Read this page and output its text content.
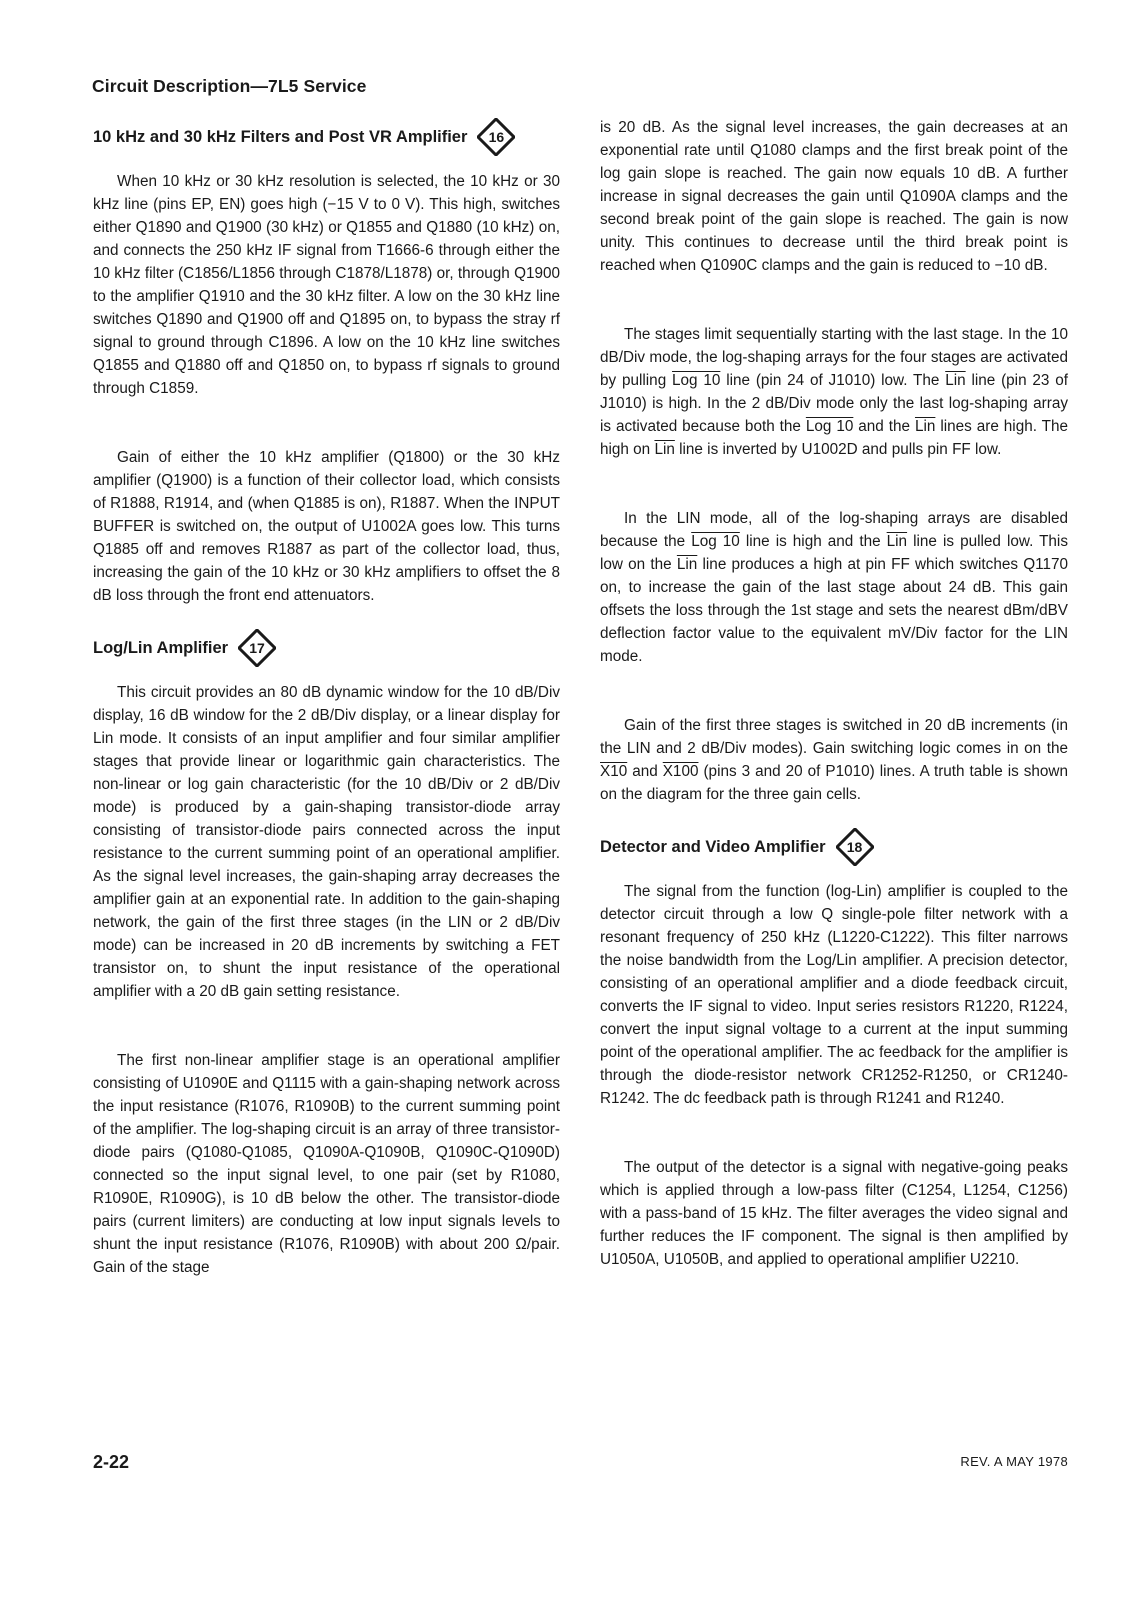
Circuit Description—7L5 Service
10 kHz and 30 kHz Filters and Post VR Amplifier	16

When 10 kHz or 30 kHz resolution is selected, the 10 kHz or 30 kHz line (pins EP, EN) goes high (−15 V to 0 V). This high, switches either Q1890 and Q1900 (30 kHz) or Q1855 and Q1880 (10 kHz) on, and connects the 250 kHz IF signal from T1666-6 through either the 10 kHz filter (C1856/L1856 through C1878/L1878) or, through Q1900 to the amplifier Q1910 and the 30 kHz filter. A low on the 30 kHz line switches Q1890 and Q1900 off and Q1895 on, to bypass the stray rf signal to ground through C1896. A low on the 10 kHz line switches Q1855 and Q1880 off and Q1850 on, to bypass rf signals to ground through C1859.

Gain of either the 10 kHz amplifier (Q1800) or the 30 kHz amplifier (Q1900) is a function of their collector load, which consists of R1888, R1914, and (when Q1885 is on), R1887. When the INPUT BUFFER is switched on, the output of U1002A goes low. This turns Q1885 off and removes R1887 as part of the collector load, thus, increasing the gain of the 10 kHz or 30 kHz amplifiers to offset the 8 dB loss through the front end attenuators.

Log/Lin Amplifier	17

This circuit provides an 80 dB dynamic window for the 10 dB/Div display, 16 dB window for the 2 dB/Div display, or a linear display for Lin mode. It consists of an input amplifier and four similar amplifier stages that provide linear or logarithmic gain characteristics. The non-linear or log gain characteristic (for the 10 dB/Div or 2 dB/Div mode) is produced by a gain-shaping transistor-diode array consisting of transistor-diode pairs connected across the input resistance to the current summing point of an operational amplifier. As the signal level increases, the gain-shaping array decreases the amplifier gain at an exponential rate. In addition to the gain-shaping network, the gain of the first three stages (in the LIN or 2 dB/Div mode) can be increased in 20 dB increments by switching a FET transistor on, to shunt the input resistance of the operational amplifier with a 20 dB gain setting resistance.

The first non-linear amplifier stage is an operational amplifier consisting of U1090E and Q1115 with a gain-shaping network across the input resistance (R1076, R1090B) to the current summing point of the amplifier. The log-shaping circuit is an array of three transistor-diode pairs (Q1080-Q1085, Q1090A-Q1090B, Q1090C-Q1090D) connected so the input signal level, to one pair (set by R1080, R1090E, R1090G), is 10 dB below the other. The transistor-diode pairs (current limiters) are conducting at low input signals levels to shunt the input resistance (R1076, R1090B) with about 200 Ω/pair. Gain of the stage

is 20 dB. As the signal level increases, the gain decreases at an exponential rate until Q1080 clamps and the first break point of the log gain slope is reached. The gain now equals 10 dB. A further increase in signal decreases the gain until Q1090A clamps and the second break point of the gain slope is reached. The gain is now unity. This continues to decrease until the third break point is reached when Q1090C clamps and the gain is reduced to −10 dB.

The stages limit sequentially starting with the last stage. In the 10 dB/Div mode, the log-shaping arrays for the four stages are activated by pulling Log 10 line (pin 24 of J1010) low. The $\overline{Lin}$ line (pin 23 of J1010) is high. In the 2 dB/Div mode only the last log-shaping array is activated because both the Log 10 and the $\overline{Lin}$ lines are high. The high on $\overline{Lin}$ line is inverted by U1002D and pulls pin FF low.

In the LIN mode, all of the log-shaping arrays are disabled because the Log 10 line is high and the $\overline{Lin}$ line is pulled low. This low on the $\overline{Lin}$ line produces a high at pin FF which switches Q1170 on, to increase the gain of the last stage about 24 dB. This gain offsets the loss through the 1st stage and sets the nearest dBm/dBV deflection factor value to the equivalent mV/Div factor for the LIN mode.

Gain of the first three stages is switched in 20 dB increments (in the LIN and 2 dB/Div modes). Gain switching logic comes in on the X10 and X100 (pins 3 and 20 of P1010) lines. A truth table is shown on the diagram for the three gain cells.

Detector and Video Amplifier	18

The signal from the function (log-Lin) amplifier is coupled to the detector circuit through a low Q single-pole filter network with a resonant frequency of 250 kHz (L1220-C1222). This filter narrows the noise bandwidth from the Log/Lin amplifier. A precision detector, consisting of an operational amplifier and a diode feedback circuit, converts the IF signal to video. Input series resistors R1220, R1224, convert the input signal voltage to a current at the input summing point of the operational amplifier. The ac feedback for the amplifier is through the diode-resistor network CR1252-R1250, or CR1240-R1242. The dc feedback path is through R1241 and R1240.

The output of the detector is a signal with negative-going peaks which is applied through a low-pass filter (C1254, L1254, C1256) with a pass-band of 15 kHz. The filter averages the video signal and further reduces the IF component. The signal is then amplified by U1050A, U1050B, and applied to operational amplifier U2210.

2-22	REV. A MAY 1978
